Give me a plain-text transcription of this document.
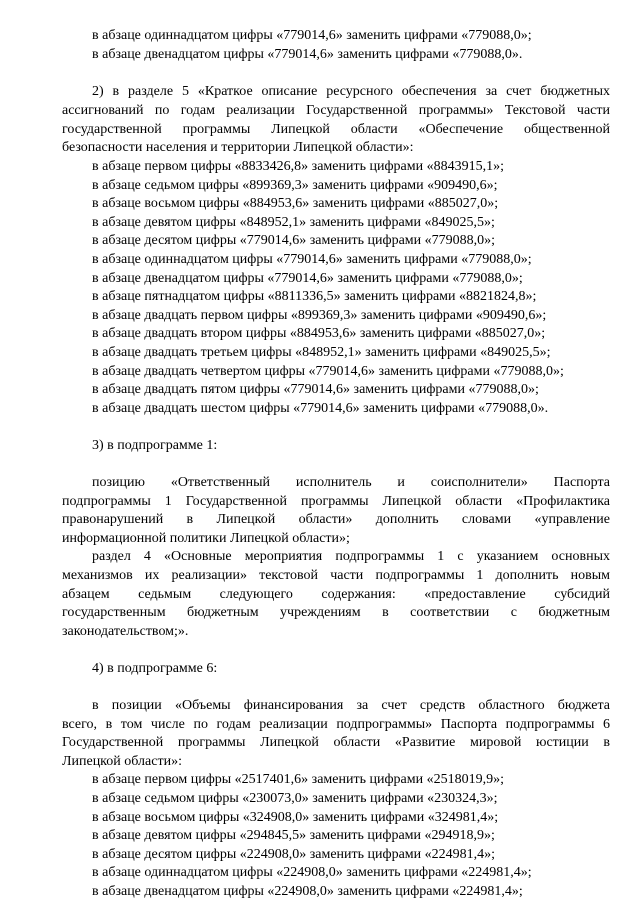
в абзаце одиннадцатом цифры «779014,6» заменить цифрами «779088,0»;
в абзаце двенадцатом цифры «779014,6» заменить цифрами «779088,0».
2) в разделе 5 «Краткое описание ресурсного обеспечения за счет бюджетных
ассигнований по годам реализации Государственной программы» Текстовой части
государственной программы Липецкой области «Обеспечение общественной
безопасности населения и территории Липецкой области»:
в абзаце первом цифры «8833426,8» заменить цифрами «8843915,1»;
в абзаце седьмом цифры «899369,3» заменить цифрами «909490,6»;
в абзаце восьмом цифры «884953,6» заменить цифрами «885027,0»;
в абзаце девятом цифры «848952,1» заменить цифрами «849025,5»;
в абзаце десятом цифры «779014,6» заменить цифрами «779088,0»;
в абзаце одиннадцатом цифры «779014,6» заменить цифрами «779088,0»;
в абзаце двенадцатом цифры «779014,6» заменить цифрами «779088,0»;
в абзаце пятнадцатом цифры «8811336,5» заменить цифрами «8821824,8»;
в абзаце двадцать первом цифры «899369,3» заменить цифрами «909490,6»;
в абзаце двадцать втором цифры «884953,6» заменить цифрами «885027,0»;
в абзаце двадцать третьем цифры «848952,1» заменить цифрами «849025,5»;
в абзаце двадцать четвертом цифры «779014,6» заменить цифрами «779088,0»;
в абзаце двадцать пятом цифры «779014,6» заменить цифрами «779088,0»;
в абзаце двадцать шестом цифры «779014,6» заменить цифрами «779088,0».
3) в подпрограмме 1:
позицию «Ответственный исполнитель и соисполнители» Паспорта
подпрограммы 1 Государственной программы Липецкой области «Профилактика
правонарушений в Липецкой области» дополнить словами «управление
информационной политики Липецкой области»;
раздел 4 «Основные мероприятия подпрограммы 1 с указанием основных
механизмов их реализации» текстовой части подпрограммы 1 дополнить новым
абзацем седьмым следующего содержания: «предоставление субсидий
государственным бюджетным учреждениям в соответствии с бюджетным
законодательством;».
4) в подпрограмме 6:
в позиции «Объемы финансирования за счет средств областного бюджета
всего, в том числе по годам реализации подпрограммы» Паспорта подпрограммы 6
Государственной программы Липецкой области «Развитие мировой юстиции в
Липецкой области»:
в абзаце первом цифры «2517401,6» заменить цифрами «2518019,9»;
в абзаце седьмом цифры «230073,0» заменить цифрами «230324,3»;
в абзаце восьмом цифры «324908,0» заменить цифрами «324981,4»;
в абзаце девятом цифры «294845,5» заменить цифрами «294918,9»;
в абзаце десятом цифры «224908,0» заменить цифрами «224981,4»;
в абзаце одиннадцатом цифры «224908,0» заменить цифрами «224981,4»;
в абзаце двенадцатом цифры «224908,0» заменить цифрами «224981,4»;
